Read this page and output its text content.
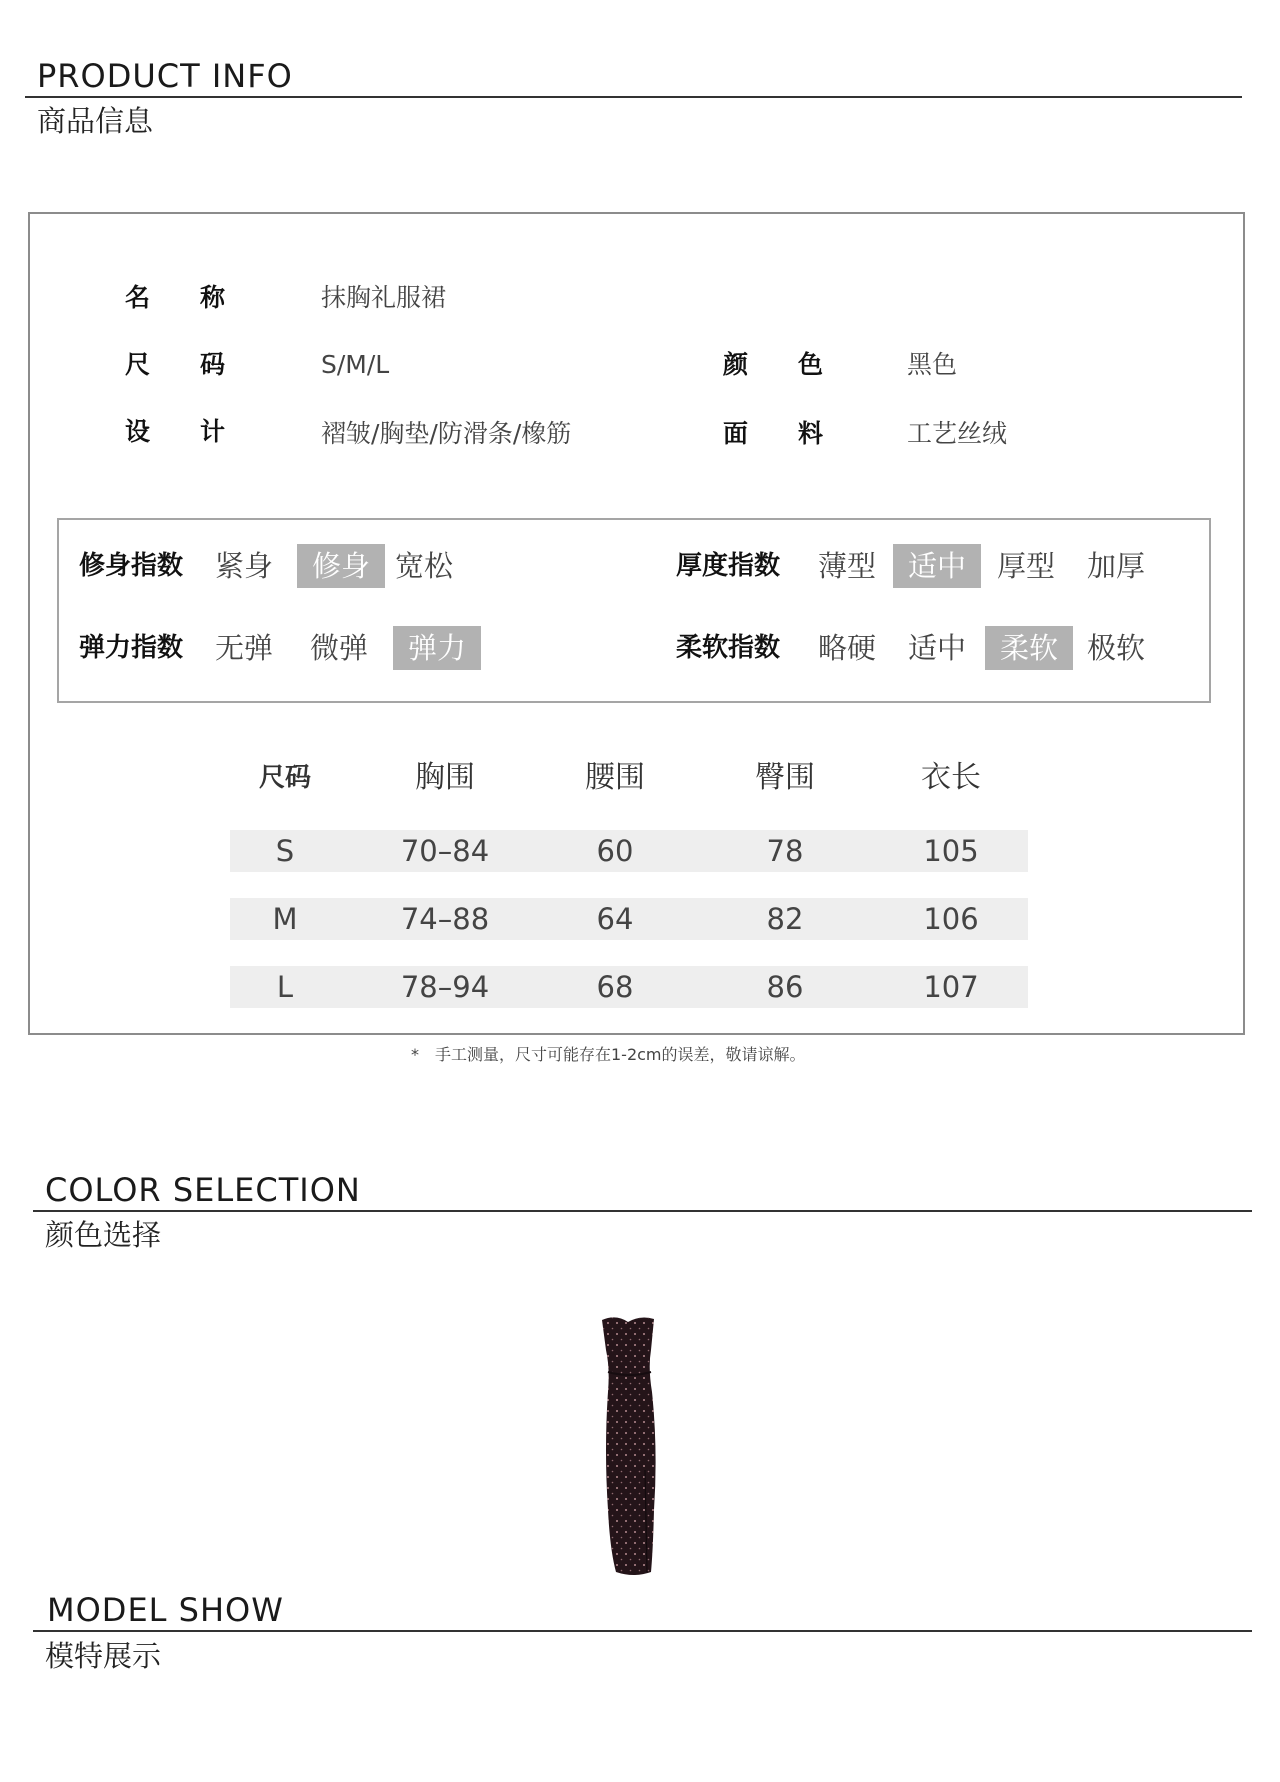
PRODUCT INFO
商品信息
名　　称	抹胸礼服裙
尺　　码	S/M/L	颜　　色	黑色
设　　计	褶皱/胸垫/防滑条/橡筋	面　　料	工艺丝绒
修身指数 紧身	修身 宽松	厚度指数 薄型	适中	厚型 加厚
弹力指数 无弹 微弹	弹力	柔软指数 略硬 适中	柔软 极软
尺码	胸围	腰围	臀围	衣长
S	70–84	60	78	105
M	74–88	64	82	106
L	78–94	68	86	107
*　手工测量，尺寸可能存在1-2cm的误差，敬请谅解。
COLOR SELECTION
颜色选择
MODEL SHOW
模特展示
